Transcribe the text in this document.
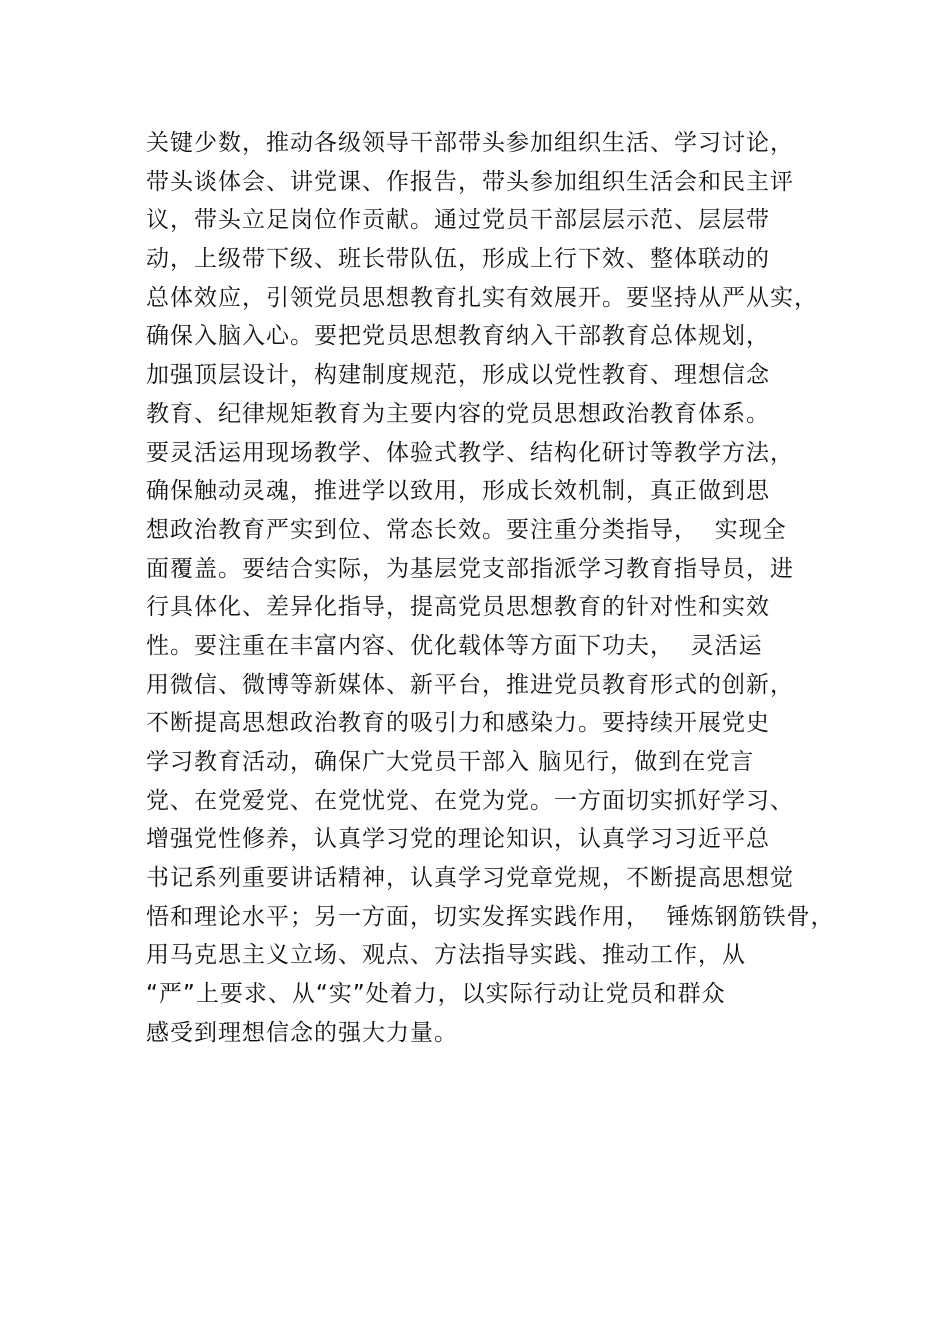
关键少数，推动各级领导干部带头参加组织生活、学习讨论，
带头谈体会、讲党课、作报告，带头参加组织生活会和民主评
议，带头立足岗位作贡献。通过党员干部层层示范、层层带
动，上级带下级、班长带队伍，形成上行下效、整体联动的
总体效应，引领党员思想教育扎实有效展开。要坚持从严从实，
确保入脑入心。要把党员思想教育纳入干部教育总体规划，
加强顶层设计，构建制度规范，形成以党性教育、理想信念
教育、纪律规矩教育为主要内容的党员思想政治教育体系。
要灵活运用现场教学、体验式教学、结构化研讨等教学方法，
确保触动灵魂，推进学以致用，形成长效机制，真正做到思
想政治教育严实到位、常态长效。要注重分类指导，  实现全
面覆盖。要结合实际，为基层党支部指派学习教育指导员，进
行具体化、差异化指导，提高党员思想教育的针对性和实效
性。要注重在丰富内容、优化载体等方面下功夫，  灵活运
用微信、微博等新媒体、新平台，推进党员教育形式的创新，
不断提高思想政治教育的吸引力和感染力。要持续开展党史
学习教育活动，确保广大党员干部入 脑见行，做到在党言
党、在党爱党、在党忧党、在党为党。一方面切实抓好学习、
增强党性修养，认真学习党的理论知识，认真学习习近平总
书记系列重要讲话精神，认真学习党章党规，不断提高思想觉
悟和理论水平；另一方面，切实发挥实践作用，  锤炼钢筋铁骨，
用马克思主义立场、观点、方法指导实践、推动工作，从
“严”上要求、从“实”处着力，以实际行动让党员和群众
感受到理想信念的强大力量。
